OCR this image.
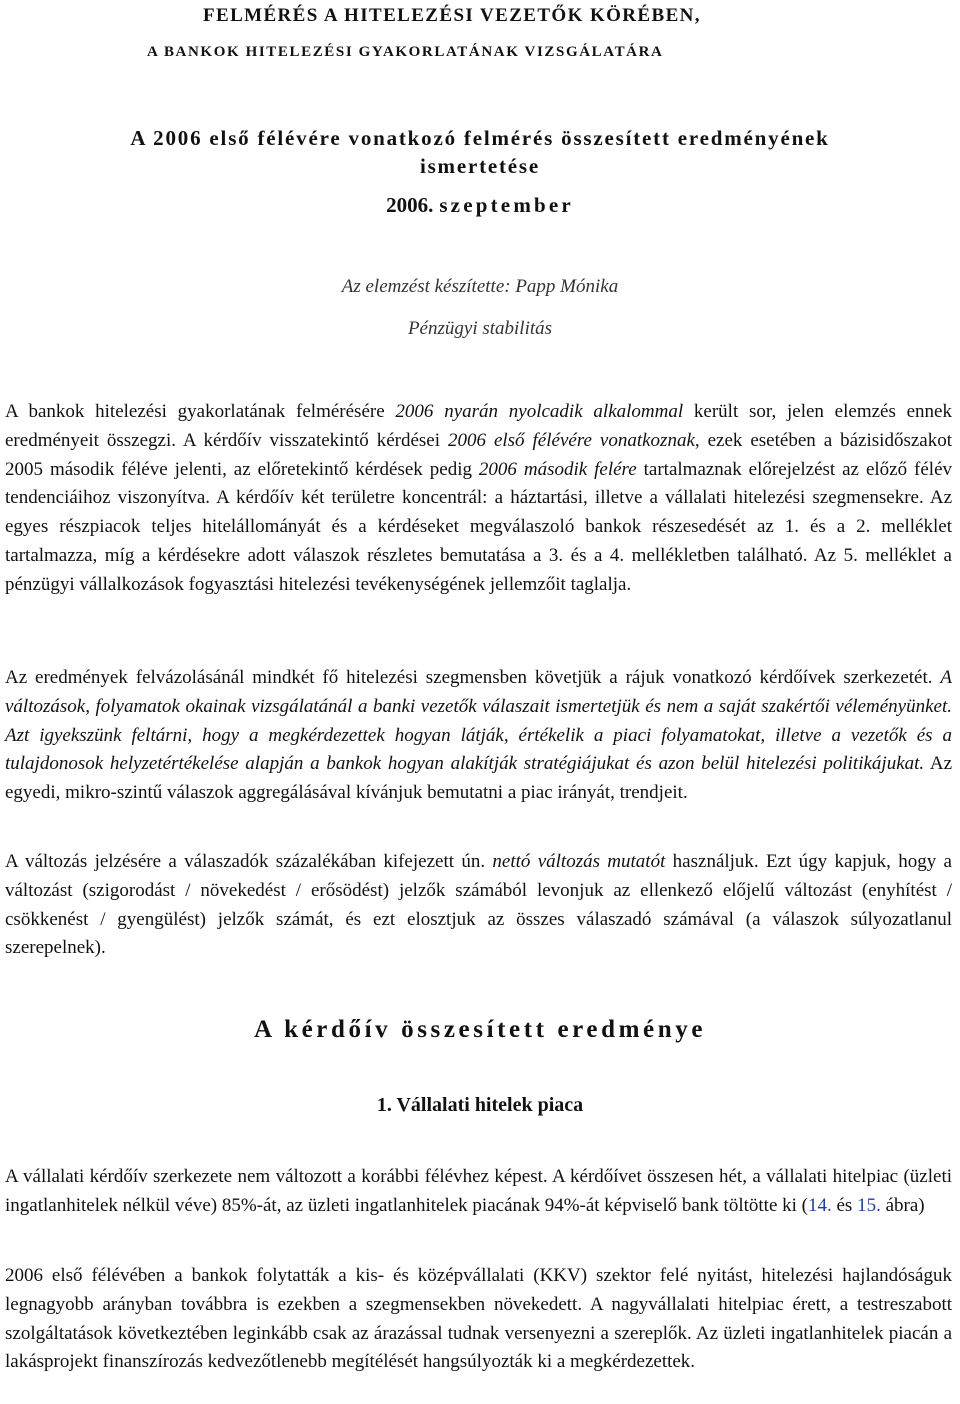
FELMÉRÉS A HITELEZÉSI VEZETŐK KÖRÉBEN,
A BANKOK HITELEZÉSI GYAKORLATÁNAK VIZSGÁLATÁRA
A 2006 első félévére vonatkozó felmérés összesített eredményének
ismertetése
2006. szeptember
Az elemzést készítette: Papp Mónika
Pénzügyi stabilitás

A bankok hitelezési gyakorlatának felmérésére 2006 nyarán nyolcadik alkalommal került sor, jelen elemzés ennek eredményeit összegzi. A kérdőív visszatekintő kérdései 2006 első félévére vonatkoznak, ezek esetében a bázisidőszakot 2005 második féléve jelenti, az előretekintő kérdések pedig 2006 második felére tartalmaznak előrejelzést az előző félév tendenciáihoz viszonyítva. A kérdőív két területre koncentrál: a háztartási, illetve a vállalati hitelezési szegmensekre. Az egyes részpiacok teljes hitelállományát és a kérdéseket megválaszoló bankok részesedését az 1. és a 2. melléklet tartalmazza, míg a kérdésekre adott válaszok részletes bemutatása a 3. és a 4. mellékletben található. Az 5. melléklet a pénzügyi vállalkozások fogyasztási hitelezési tevékenységének jellemzőit taglalja.

Az eredmények felvázolásánál mindkét fő hitelezési szegmensben követjük a rájuk vonatkozó kérdőívek szerkezetét. A változások, folyamatok okainak vizsgálatánál a banki vezetők válaszait ismertetjük és nem a saját szakértői véleményünket. Azt igyekszünk feltárni, hogy a megkérdezettek hogyan látják, értékelik a piaci folyamatokat, illetve a vezetők és a tulajdonosok helyzetértékelése alapján a bankok hogyan alakítják stratégiájukat és azon belül hitelezési politikájukat. Az egyedi, mikro-szintű válaszok aggregálásával kívánjuk bemutatni a piac irányát, trendjeit.

A változás jelzésére a válaszadók százalékában kifejezett ún. nettó változás mutatót használjuk. Ezt úgy kapjuk, hogy a változást (szigorodást / növekedést / erősödést) jelzők számából levonjuk az ellenkező előjelű változást (enyhítést / csökkenést / gyengülést) jelzők számát, és ezt elosztjuk az összes válaszadó számával (a válaszok súlyozatlanul szerepelnek).

A kérdőív összesített eredménye
1. Vállalati hitelek piaca

A vállalati kérdőív szerkezete nem változott a korábbi félévhez képest. A kérdőívet összesen hét, a vállalati hitelpiac (üzleti ingatlanhitelek nélkül véve) 85%-át, az üzleti ingatlanhitelek piacának 94%-át képviselő bank töltötte ki (14. és 15. ábra)

2006 első félévében a bankok folytatták a kis- és középvállalati (KKV) szektor felé nyitást, hitelezési hajlandóságuk legnagyobb arányban továbbra is ezekben a szegmensekben növekedett. A nagyvállalati hitelpiac érett, a testreszabott szolgáltatások következtében leginkább csak az árazással tudnak versenyezni a szereplők. Az üzleti ingatlanhitelek piacán a lakásprojekt finanszírozás kedvezőtlenebb megítélését hangsúlyozták ki a megkérdezettek.
